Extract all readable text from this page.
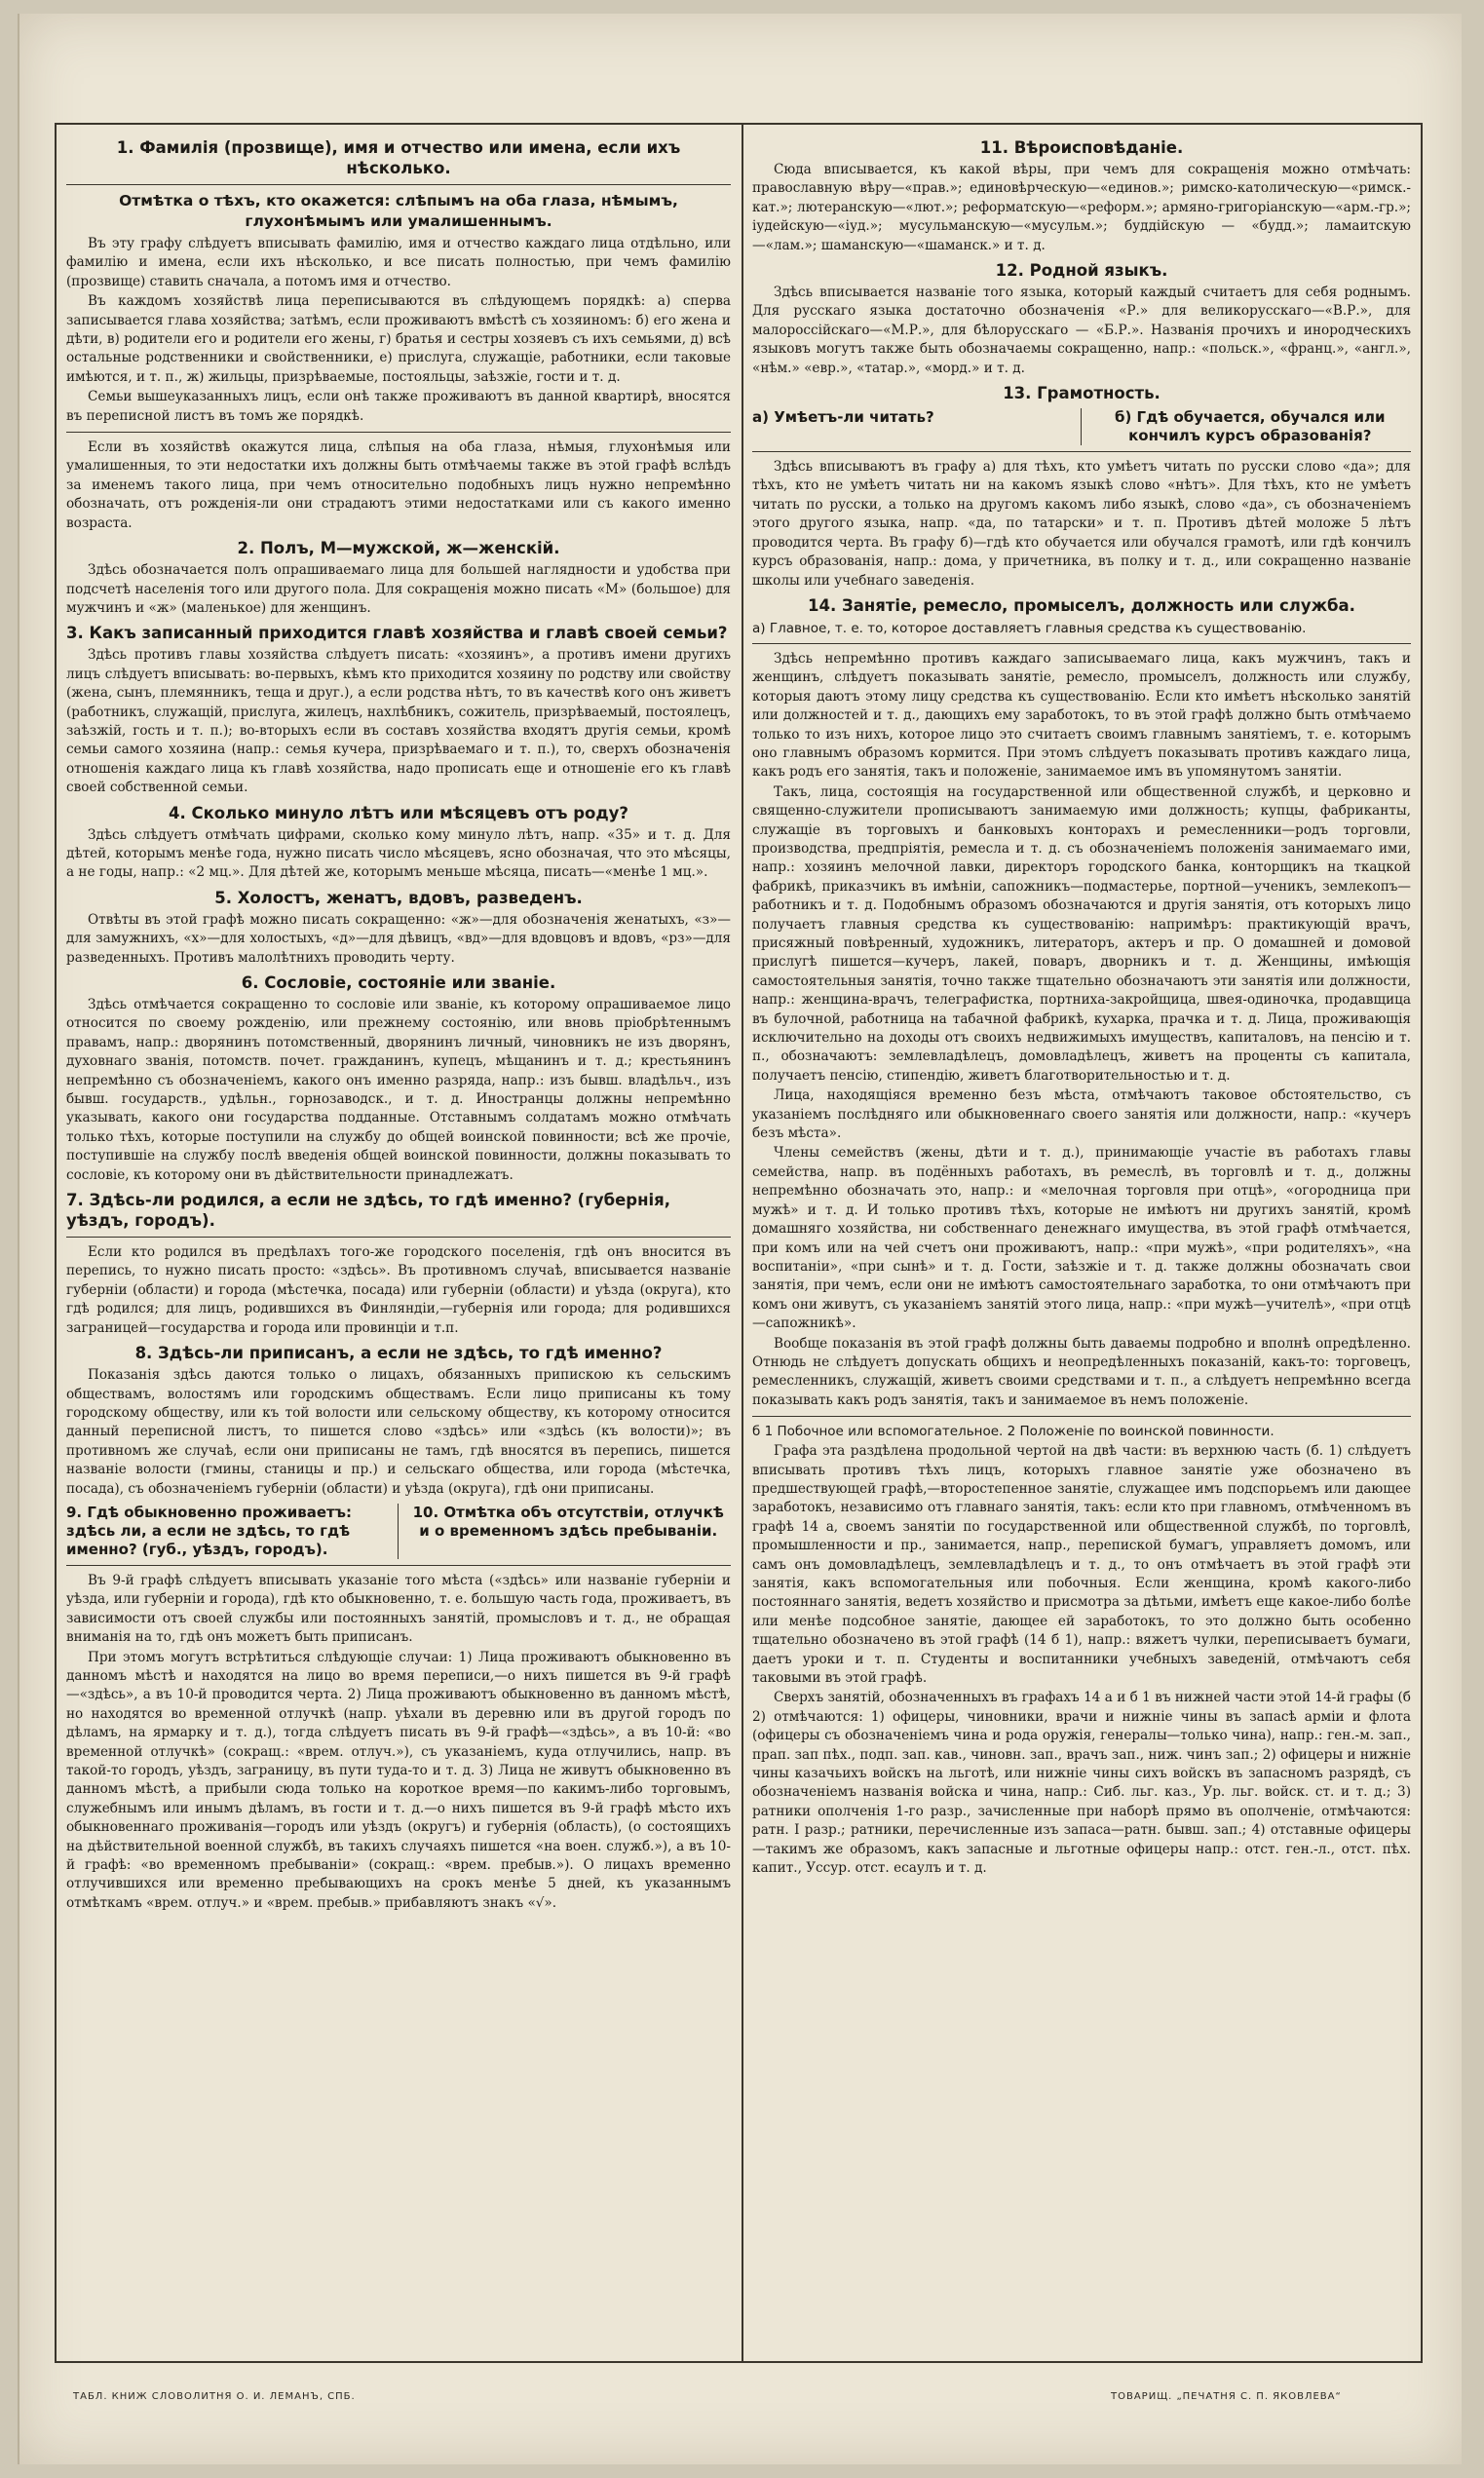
1. Фамилія (прозвище), имя и отчество или имена, если ихъ нѣсколько.
Отмѣтка о тѣхъ, кто окажется: слѣпымъ на оба глаза, нѣмымъ, глухонѣмымъ или умалишеннымъ.
Въ эту графу слѣдуетъ вписывать фамилію, имя и отчество каждаго лица отдѣльно, или фамилію и имена, если ихъ нѣсколько, и все писать полностью, при чемъ фамилію (прозвище) ставить сначала, а потомъ имя и отчество.
Въ каждомъ хозяйствѣ лица переписываются въ слѣдующемъ порядкѣ: а) сперва записывается глава хозяйства; затѣмъ, если проживаютъ вмѣстѣ съ хозяиномъ: б) его жена и дѣти, в) родители его и родители его жены, г) братья и сестры хозяевъ съ ихъ семьями, д) всѣ остальные родственники и свойственники, е) прислуга, служащіе, работники, если таковые имѣются, и т. п., ж) жильцы, призрѣваемые, постояльцы, заѣзжіе, гости и т. д.
Семьи вышеуказанныхъ лицъ, если онѣ также проживаютъ въ данной квартирѣ, вносятся въ переписной листъ въ томъ же порядкѣ.
Если въ хозяйствѣ окажутся лица, слѣпыя на оба глаза, нѣмыя, глухонѣмыя или умалишенныя, то эти недостатки ихъ должны быть отмѣчаемы также въ этой графѣ вслѣдъ за именемъ такого лица, при чемъ относительно подобныхъ лицъ нужно непремѣнно обозначать, отъ рожденія-ли они страдаютъ этими недостатками или съ какого именно возраста.
2. Полъ, М—мужской, ж—женскій.
Здѣсь обозначается полъ опрашиваемаго лица для большей наглядности и удобства при подсчетѣ населенія того или другого пола. Для сокращенія можно писать «М» (большое) для мужчинъ и «ж» (маленькое) для женщинъ.
3. Какъ записанный приходится главѣ хозяйства и главѣ своей семьи?
Здѣсь противъ главы хозяйства слѣдуетъ писать: «хозяинъ», а противъ имени другихъ лицъ слѣдуетъ вписывать: во-первыхъ, кѣмъ кто приходится хозяину по родству или свойству (жена, сынъ, племянникъ, теща и друг.), а если родства нѣтъ, то въ качествѣ кого онъ живетъ (работникъ, служащій, прислуга, жилецъ, нахлѣбникъ, сожитель, призрѣваемый, постоялецъ, заѣзжій, гость и т. п.); во-вторыхъ если въ составъ хозяйства входятъ другія семьи, кромѣ семьи самого хозяина (напр.: семья кучера, призрѣваемаго и т. п.), то, сверхъ обозначенія отношенія каждаго лица къ главѣ хозяйства, надо прописать еще и отношеніе его къ главѣ своей собственной семьи.
4. Сколько минуло лѣтъ или мѣсяцевъ отъ роду?
Здѣсь слѣдуетъ отмѣчать цифрами, сколько кому минуло лѣтъ, напр. «35» и т. д. Для дѣтей, которымъ менѣе года, нужно писать число мѣсяцевъ, ясно обозначая, что это мѣсяцы, а не годы, напр.: «2 мц.». Для дѣтей же, которымъ меньше мѣсяца, писать—«менѣе 1 мц.».
5. Холостъ, женатъ, вдовъ, разведенъ.
Отвѣты въ этой графѣ можно писать сокращенно: «ж»—для обозначенія женатыхъ, «з»—для замужнихъ, «х»—для холостыхъ, «д»—для дѣвицъ, «вд»—для вдовцовъ и вдовъ, «рз»—для разведенныхъ. Противъ малолѣтнихъ проводить черту.
6. Сословіе, состояніе или званіе.
Здѣсь отмѣчается сокращенно то сословіе или званіе, къ которому опрашиваемое лицо относится по своему рожденію, или прежнему состоянію, или вновь пріобрѣтеннымъ правамъ, напр.: дворянинъ потомственный, дворянинъ личный, чиновникъ не изъ дворянъ, духовнаго званія, потомств. почет. гражданинъ, купецъ, мѣщанинъ и т. д.; крестьянинъ непремѣнно съ обозначеніемъ, какого онъ именно разряда, напр.: изъ бывш. владѣльч., изъ бывш. государств., удѣльн., горнозаводск., и т. д. Иностранцы должны непремѣнно указывать, какого они государства подданные. Отставнымъ солдатамъ можно отмѣчать только тѣхъ, которые поступили на службу до общей воинской повинности; всѣ же прочіе, поступившіе на службу послѣ введенія общей воинской повинности, должны показывать то сословіе, къ которому они въ дѣйствительности принадлежатъ.
7. Здѣсь-ли родился, а если не здѣсь, то гдѣ именно? (губернія, уѣздъ, городъ).
Если кто родился въ предѣлахъ того-же городского поселенія, гдѣ онъ вносится въ перепись, то нужно писать просто: «здѣсь». Въ противномъ случаѣ, вписывается названіе губерніи (области) и города (мѣстечка, посада) или губерніи (области) и уѣзда (округа), кто гдѣ родился; для лицъ, родившихся въ Финляндіи,—губернія или города; для родившихся заграницей—государства и города или провинціи и т.п.
8. Здѣсь-ли приписанъ, а если не здѣсь, то гдѣ именно?
Показанія здѣсь даются только о лицахъ, обязанныхъ припискою къ сельскимъ обществамъ, волостямъ или городскимъ обществамъ. Если лицо приписаны къ тому городскому обществу, или къ той волости или сельскому обществу, къ которому относится данный переписной листъ, то пишется слово «здѣсь» или «здѣсь (къ волости)»; въ противномъ же случаѣ, если они приписаны не тамъ, гдѣ вносятся въ перепись, пишется названіе волости (гмины, станицы и пр.) и сельскаго общества, или города (мѣстечка, посада), съ обозначеніемъ губерніи (области) и уѣзда (округа), гдѣ они приписаны.
9. Гдѣ обыкновенно проживаетъ: здѣсь ли, а если не здѣсь, то гдѣ именно? (губ., уѣздъ, городъ).
10. Отмѣтка объ отсутствіи, отлучкѣ и о временномъ здѣсь пребываніи.
Въ 9-й графѣ слѣдуетъ вписывать указаніе того мѣста («здѣсь» или названіе губерніи и уѣзда, или губерніи и города), гдѣ кто обыкновенно, т. е. большую часть года, проживаетъ, въ зависимости отъ своей службы или постоянныхъ занятій, промысловъ и т. д., не обращая вниманія на то, гдѣ онъ можетъ быть приписанъ.
При этомъ могутъ встрѣтиться слѣдующіе случаи: 1) Лица проживаютъ обыкновенно въ данномъ мѣстѣ и находятся на лицо во время переписи,—о нихъ пишется въ 9-й графѣ—«здѣсь», а въ 10-й проводится черта. 2) Лица проживаютъ обыкновенно въ данномъ мѣстѣ, но находятся во временной отлучкѣ (напр. уѣхали въ деревню или въ другой городъ по дѣламъ, на ярмарку и т. д.), тогда слѣдуетъ писать въ 9-й графѣ—«здѣсь», а въ 10-й: «во временной отлучкѣ» (сокращ.: «врем. отлуч.»), съ указаніемъ, куда отлучились, напр. въ такой-то городъ, уѣздъ, заграницу, въ пути туда-то и т. д. 3) Лица не живутъ обыкновенно въ данномъ мѣстѣ, а прибыли сюда только на короткое время—по какимъ-либо торговымъ, служебнымъ или инымъ дѣламъ, въ гости и т. д.—о нихъ пишется въ 9-й графѣ мѣсто ихъ обыкновеннаго проживанія—городъ или уѣздъ (округъ) и губернія (область), (о состоящихъ на дѣйствительной военной службѣ, въ такихъ случаяхъ пишется «на воен. служб.»), а въ 10-й графѣ: «во временномъ пребываніи» (сокращ.: «врем. пребыв.»). О лицахъ временно отлучившихся или временно пребывающихъ на срокъ менѣе 5 дней, къ указаннымъ отмѣткамъ «врем. отлуч.» и «врем. пребыв.» прибавляютъ знакъ «√».
11. Вѣроисповѣданіе.
Сюда вписывается, къ какой вѣры, при чемъ для сокращенія можно отмѣчать: православную вѣру—«прав.»; единовѣрческую—«единов.»; римско-католическую—«римск.-кат.»; лютеранскую—«лют.»; реформатскую—«реформ.»; армяно-григоріанскую—«арм.-гр.»; іудейскую—«іуд.»; мусульманскую—«мусульм.»; буддійскую — «будд.»; ламаитскую—«лам.»; шаманскую—«шаманск.» и т. д.
12. Родной языкъ.
Здѣсь вписывается названіе того языка, который каждый считаетъ для себя роднымъ. Для русскаго языка достаточно обозначенія «Р.» для великорусскаго—«В.Р.», для малороссійскаго—«М.Р.», для бѣлорусскаго — «Б.Р.». Названія прочихъ и инородческихъ языковъ могутъ также быть обозначаемы сокращенно, напр.: «польск.», «франц.», «англ.», «нѣм.» «евр.», «татар.», «морд.» и т. д.
13. Грамотность.
а) Умѣетъ-ли читать?	б) Гдѣ обучается, обучался или кончилъ курсъ образованія?
Здѣсь вписываютъ въ графу а) для тѣхъ, кто умѣетъ читать по русски слово «да»; для тѣхъ, кто не умѣетъ читать ни на какомъ языкѣ слово «нѣтъ». Для тѣхъ, кто не умѣетъ читать по русски, а только на другомъ какомъ либо языкѣ, слово «да», съ обозначеніемъ этого другого языка, напр. «да, по татарски» и т. п. Противъ дѣтей моложе 5 лѣтъ проводится черта. Въ графу б)—гдѣ кто обучается или обучался грамотѣ, или гдѣ кончилъ курсъ образованія, напр.: дома, у причетника, въ полку и т. д., или сокращенно названіе школы или учебнаго заведенія.
14. Занятіе, ремесло, промыселъ, должность или служба.
а) Главное, т. е. то, которое доставляетъ главныя средства къ существованію.
Здѣсь непремѣнно противъ каждаго записываемаго лица, какъ мужчинъ, такъ и женщинъ, слѣдуетъ показывать занятіе, ремесло, промыселъ, должность или службу, которыя даютъ этому лицу средства къ существованію. Если кто имѣетъ нѣсколько занятій или должностей и т. д., дающихъ ему заработокъ, то въ этой графѣ должно быть отмѣчаемо только то изъ нихъ, которое лицо это считаетъ своимъ главнымъ занятіемъ, т. е. которымъ оно главнымъ образомъ кормится. При этомъ слѣдуетъ показывать противъ каждаго лица, какъ родъ его занятія, такъ и положеніе, занимаемое имъ въ упомянутомъ занятіи.
Такъ, лица, состоящія на государственной или общественной службѣ, и церковно и священно-служители прописываютъ занимаемую ими должность; купцы, фабриканты, служащіе въ торговыхъ и банковыхъ конторахъ и ремесленники—родъ торговли, производства, предпріятія, ремесла и т. д. съ обозначеніемъ положенія занимаемаго ими, напр.: хозяинъ мелочной лавки, директоръ городского банка, конторщикъ на ткацкой фабрикѣ, приказчикъ въ имѣніи, сапожникъ—подмастерье, портной—ученикъ, землекопъ—работникъ и т. д. Подобнымъ образомъ обозначаются и другія занятія, отъ которыхъ лицо получаетъ главныя средства къ существованію: напримѣръ: практикующій врачъ, присяжный повѣренный, художникъ, литераторъ, актеръ и пр. О домашней и домовой прислугѣ пишется—кучеръ, лакей, поваръ, дворникъ и т. д. Женщины, имѣющія самостоятельныя занятія, точно также тщательно обозначаютъ эти занятія или должности, напр.: женщина-врачъ, телеграфистка, портниха-закройщица, швея-одиночка, продавщица въ булочной, работница на табачной фабрикѣ, кухарка, прачка и т. д. Лица, проживающія исключительно на доходы отъ своихъ недвижимыхъ имуществъ, капиталовъ, на пенсію и т. п., обозначаютъ: землевладѣлецъ, домовладѣлецъ, живетъ на проценты съ капитала, получаетъ пенсію, стипендію, живетъ благотворительностью и т. д.
Лица, находящіяся временно безъ мѣста, отмѣчаютъ таковое обстоятельство, съ указаніемъ послѣдняго или обыкновеннаго своего занятія или должности, напр.: «кучеръ безъ мѣста».
Члены семействъ (жены, дѣти и т. д.), принимающіе участіе въ работахъ главы семейства, напр. въ подённыхъ работахъ, въ ремеслѣ, въ торговлѣ и т. д., должны непремѣнно обозначать это, напр.: и «мелочная торговля при отцѣ», «огородница при мужѣ» и т. д. И только противъ тѣхъ, которые не имѣютъ ни другихъ занятій, кромѣ домашняго хозяйства, ни собственнаго денежнаго имущества, въ этой графѣ отмѣчается, при комъ или на чей счетъ они проживаютъ, напр.: «при мужѣ», «при родителяхъ», «на воспитаніи», «при сынѣ» и т. д. Гости, заѣзжіе и т. д. также должны обозначать свои занятія, при чемъ, если они не имѣютъ самостоятельнаго заработка, то они отмѣчаютъ при комъ они живутъ, съ указаніемъ занятій этого лица, напр.: «при мужѣ—учителѣ», «при отцѣ—сапожникѣ».
Вообще показанія въ этой графѣ должны быть даваемы подробно и вполнѣ опредѣленно. Отнюдь не слѣдуетъ допускать общихъ и неопредѣленныхъ показаній, какъ-то: торговецъ, ремесленникъ, служащій, живетъ своими средствами и т. п., а слѣдуетъ непремѣнно всегда показывать какъ родъ занятія, такъ и занимаемое въ немъ положеніе.
б 1 Побочное или вспомогательное. 2 Положеніе по воинской повинности.
Графа эта раздѣлена продольной чертой на двѣ части: въ верхнюю часть (б. 1) слѣдуетъ вписывать противъ тѣхъ лицъ, которыхъ главное занятіе уже обозначено въ предшествующей графѣ,—второстепенное занятіе, служащее имъ подспорьемъ или дающее заработокъ, независимо отъ главнаго занятія, такъ: если кто при главномъ, отмѣченномъ въ графѣ 14 а, своемъ занятіи по государственной или общественной службѣ, по торговлѣ, промышленности и пр., занимается, напр., перепиской бумагъ, управляетъ домомъ, или самъ онъ домовладѣлецъ, землевладѣлецъ и т. д., то онъ отмѣчаетъ въ этой графѣ эти занятія, какъ вспомогательныя или побочныя. Если женщина, кромѣ какого-либо постояннаго занятія, ведетъ хозяйство и присмотра за дѣтьми, имѣетъ еще какое-либо болѣе или менѣе подсобное занятіе, дающее ей заработокъ, то это должно быть особенно тщательно обозначено въ этой графѣ (14 б 1), напр.: вяжетъ чулки, переписываетъ бумаги, даетъ уроки и т. п. Студенты и воспитанники учебныхъ заведеній, отмѣчаютъ себя таковыми въ этой графѣ.
Сверхъ занятій, обозначенныхъ въ графахъ 14 а и б 1 въ нижней части этой 14-й графы (б 2) отмѣчаются: 1) офицеры, чиновники, врачи и нижніе чины въ запасѣ арміи и флота (офицеры съ обозначеніемъ чина и рода оружія, генералы—только чина), напр.: ген.-м. зап., прап. зап пѣх., подп. зап. кав., чиновн. зап., врачъ зап., ниж. чинъ зап.; 2) офицеры и нижніе чины казачьихъ войскъ на льготѣ, или нижніе чины сихъ войскъ въ запасномъ разрядѣ, съ обозначеніемъ названія войска и чина, напр.: Сиб. льг. каз., Ур. льг. войск. ст. и т. д.; 3) ратники ополченія 1-го разр., зачисленные при наборѣ прямо въ ополченіе, отмѣчаются: ратн. I разр.; ратники, перечисленные изъ запаса—ратн. бывш. зап.; 4) отставные офицеры—такимъ же образомъ, какъ запасные и льготные офицеры напр.: отст. ген.-л., отст. пѣх. капит., Уссур. отст. есаулъ и т. д.
ТАБЛ. КНИЖ СЛОВОЛИТНЯ О. И. ЛЕМАНЪ, СПБ.	ТОВАРИЩ. „ПЕЧАТНЯ С. П. ЯКОВЛЕВА“
